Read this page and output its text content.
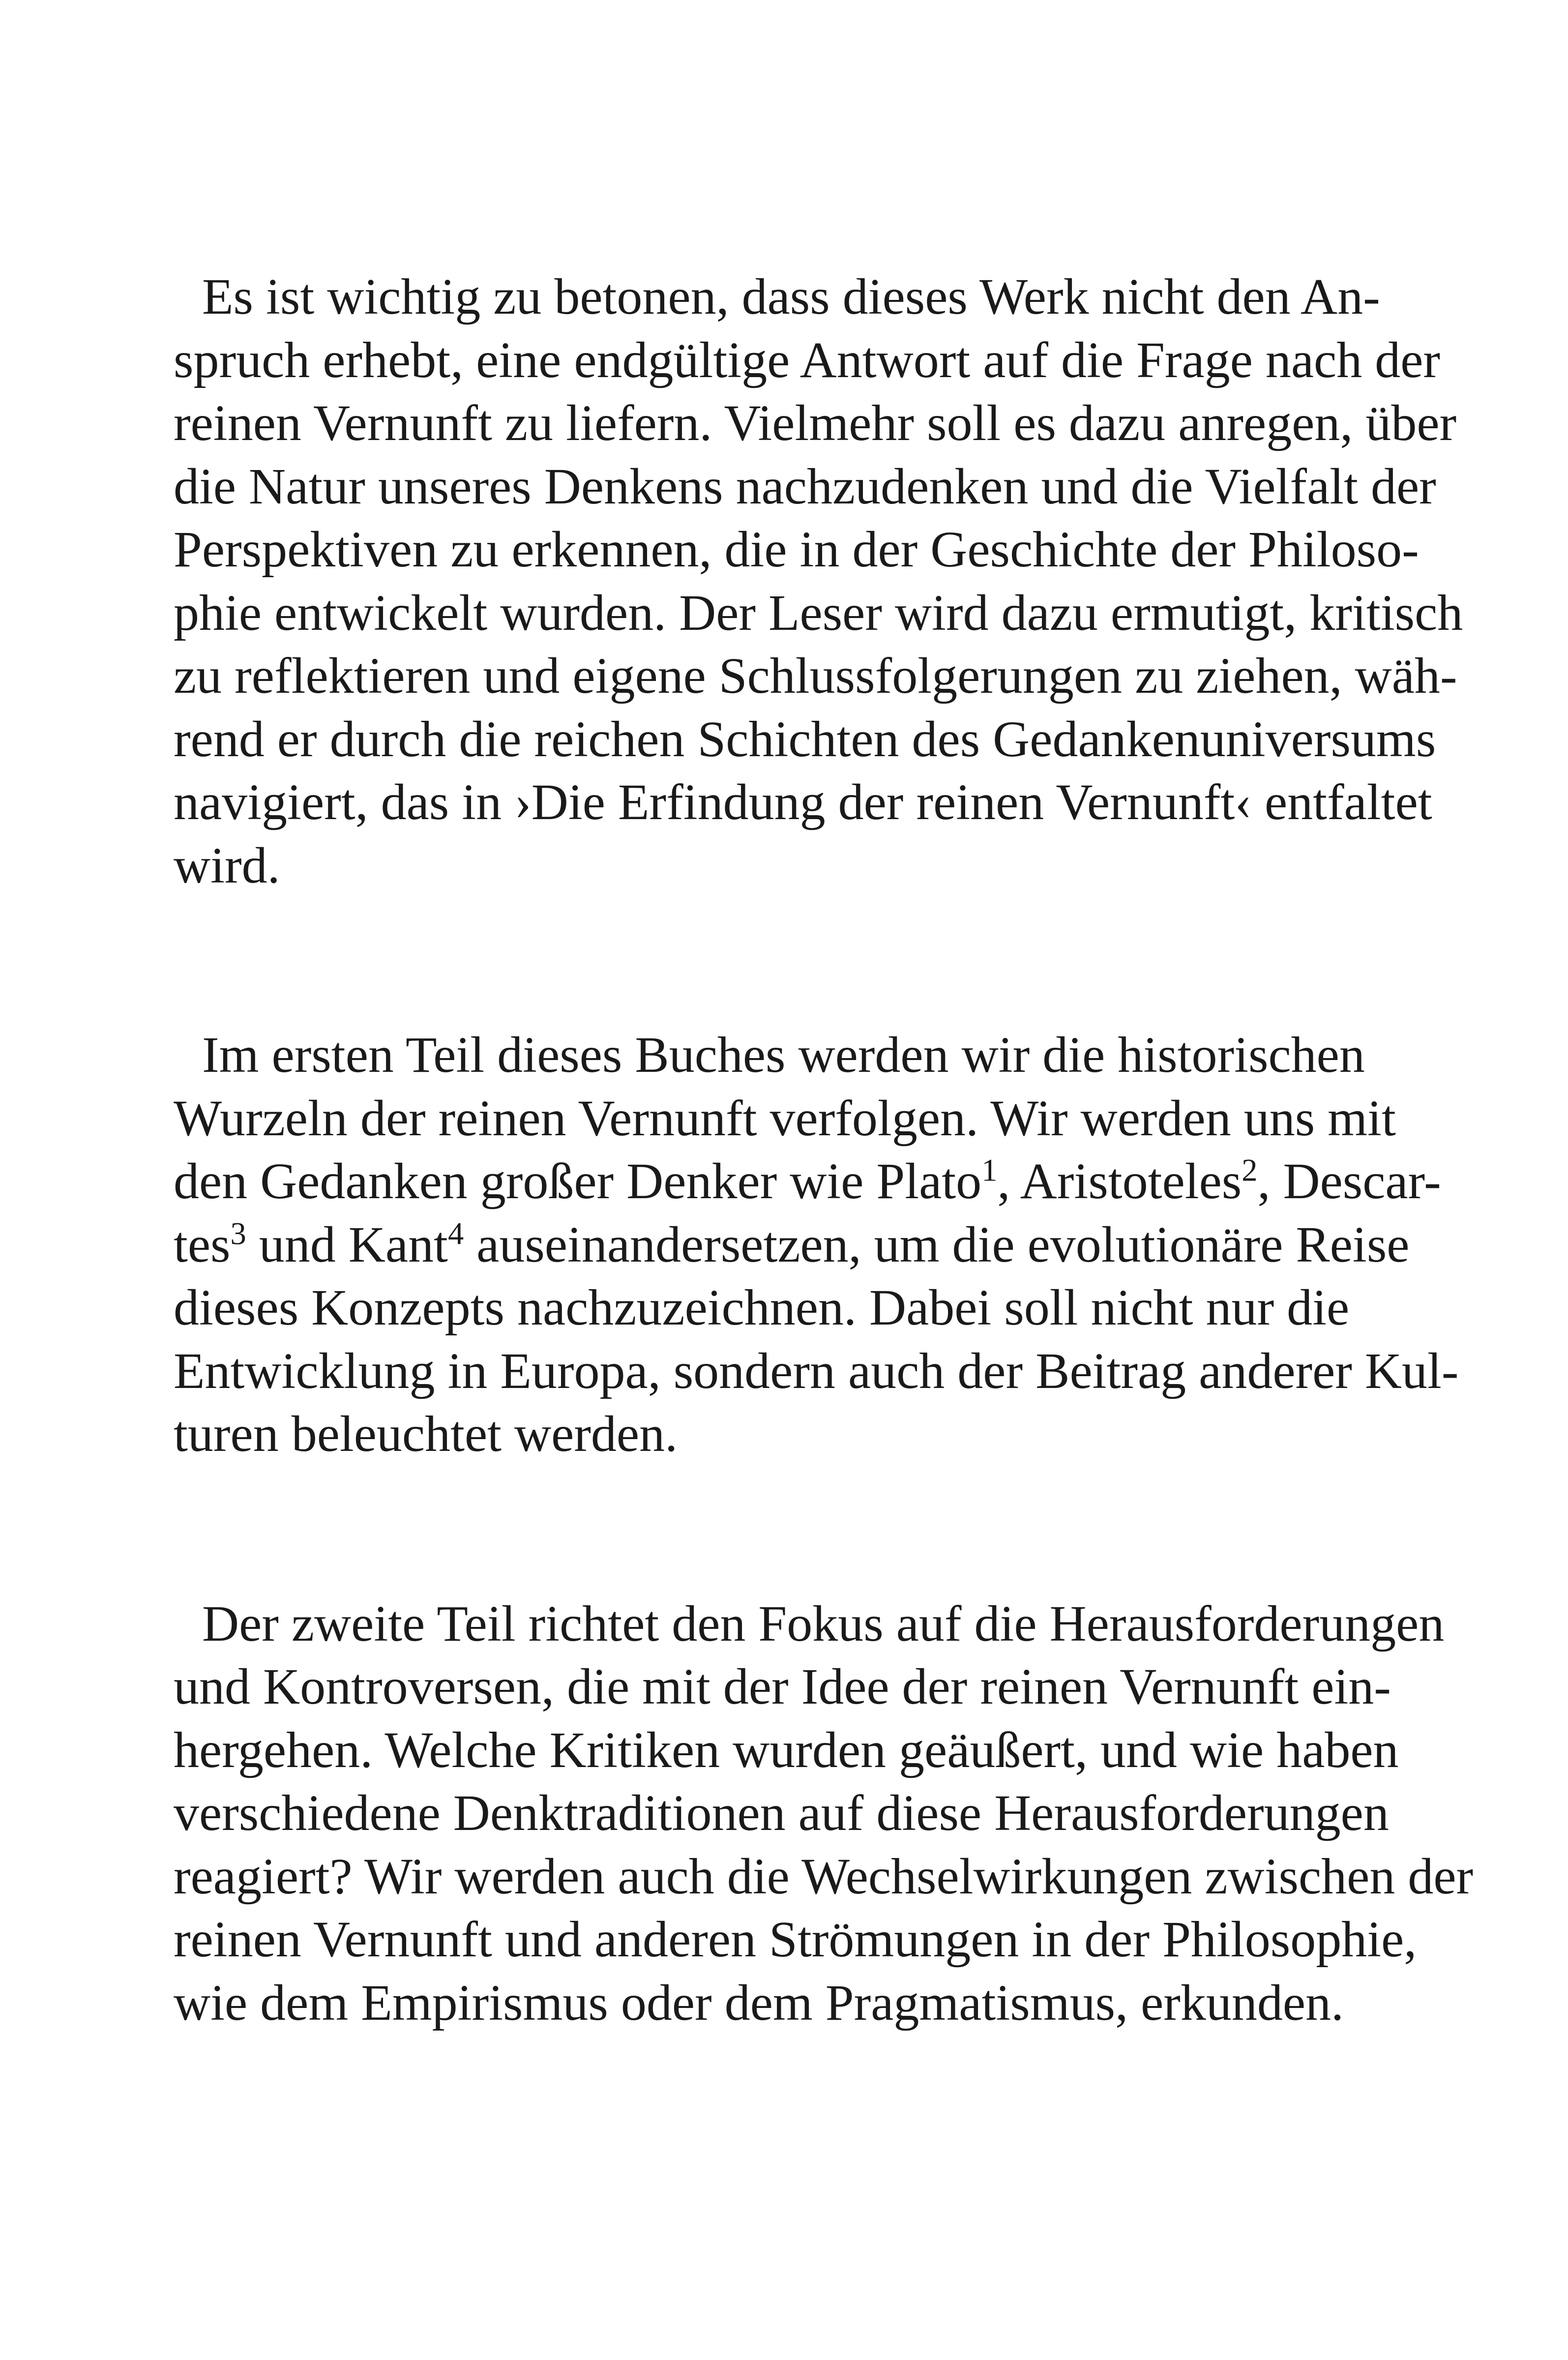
Es ist wichtig zu betonen, dass dieses Werk nicht den An-
spruch erhebt, eine endgültige Antwort auf die Frage nach der
reinen Vernunft zu liefern. Vielmehr soll es dazu anregen, über
die Natur unseres Denkens nachzudenken und die Vielfalt der
Perspektiven zu erkennen, die in der Geschichte der Philoso-
phie entwickelt wurden. Der Leser wird dazu ermutigt, kritisch
zu reflektieren und eigene Schlussfolgerungen zu ziehen, wäh-
rend er durch die reichen Schichten des Gedankenuniversums
navigiert, das in ›Die Erfindung der reinen Vernunft‹ entfaltet
wird.
Im ersten Teil dieses Buches werden wir die historischen
Wurzeln der reinen Vernunft verfolgen. Wir werden uns mit
den Gedanken großer Denker wie Plato$^1$, Aristoteles$^2$, Descar-
tes$^3$ und Kant$^4$ auseinandersetzen, um die evolutionäre Reise
dieses Konzepts nachzuzeichnen. Dabei soll nicht nur die
Entwicklung in Europa, sondern auch der Beitrag anderer Kul-
turen beleuchtet werden.
Der zweite Teil richtet den Fokus auf die Herausforderungen
und Kontroversen, die mit der Idee der reinen Vernunft ein-
hergehen. Welche Kritiken wurden geäußert, und wie haben
verschiedene Denktraditionen auf diese Herausforderungen
reagiert? Wir werden auch die Wechselwirkungen zwischen der
reinen Vernunft und anderen Strömungen in der Philosophie,
wie dem Empirismus oder dem Pragmatismus, erkunden.
